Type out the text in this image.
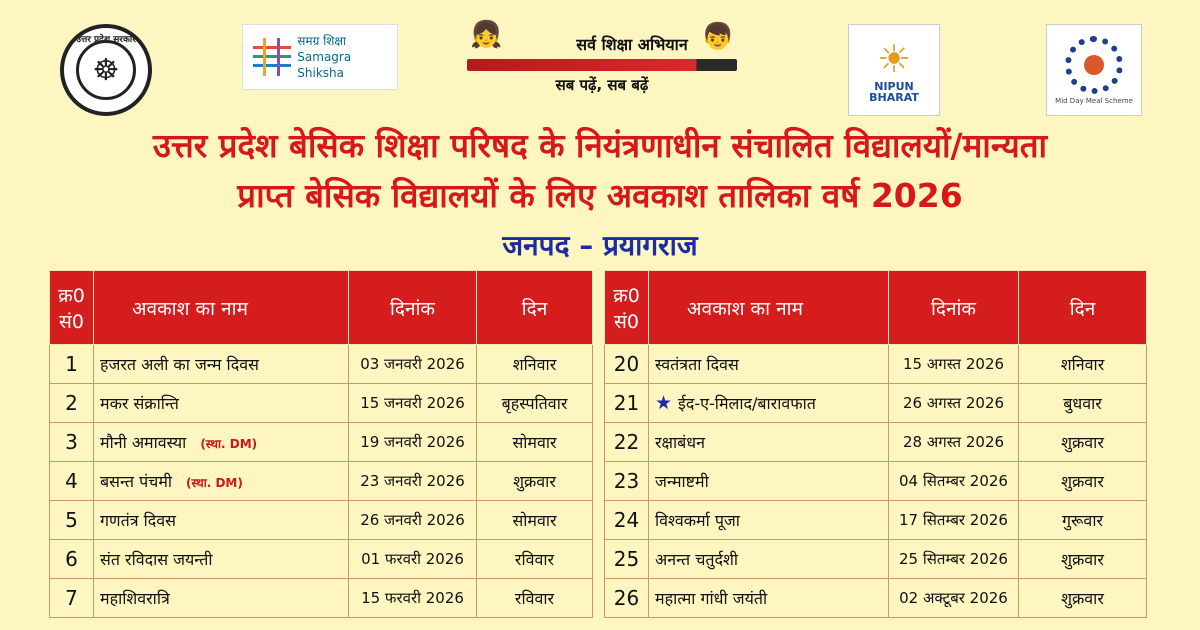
उत्तर प्रदेश सरकार
☸
समग्र शिक्षा
Samagra Shiksha
👧	👦
सर्व शिक्षा अभियान
सब पढ़ें, सब बढ़ें
☀
NIPUN BHARAT	Mid Day Meal Scheme
उत्तर प्रदेश बेसिक शिक्षा परिषद के नियंत्रणाधीन संचालित विद्यालयों/मान्यता
प्राप्त बेसिक विद्यालयों के लिए अवकाश तालिका वर्ष 2026
जनपद – प्रयागराज
क्र0
सं0	अवकाश का नाम	दिनांक	दिन
1	हजरत अली का जन्म दिवस	03 जनवरी 2026	शनिवार
2	मकर संक्रान्ति	15 जनवरी 2026	बृहस्पतिवार
3	मौनी अमावस्या (स्था. DM)	19 जनवरी 2026	सोमवार
4	बसन्त पंचमी (स्था. DM)	23 जनवरी 2026	शुक्रवार
5	गणतंत्र दिवस	26 जनवरी 2026	सोमवार
6	संत रविदास जयन्ती	01 फरवरी 2026	रविवार
7	महाशिवरात्रि	15 फरवरी 2026	रविवार
क्र0
सं0	अवकाश का नाम	दिनांक	दिन
20	स्वतंत्रता दिवस	15 अगस्त 2026	शनिवार
21	★ ईद-ए-मिलाद/बारावफात	26 अगस्त 2026	बुधवार
22	रक्षाबंधन	28 अगस्त 2026	शुक्रवार
23	जन्माष्टमी	04 सितम्बर 2026	शुक्रवार
24	विश्वकर्मा पूजा	17 सितम्बर 2026	गुरूवार
25	अनन्त चतुर्दशी	25 सितम्बर 2026	शुक्रवार
26	महात्मा गांधी जयंती	02 अक्टूबर 2026	शुक्रवार
